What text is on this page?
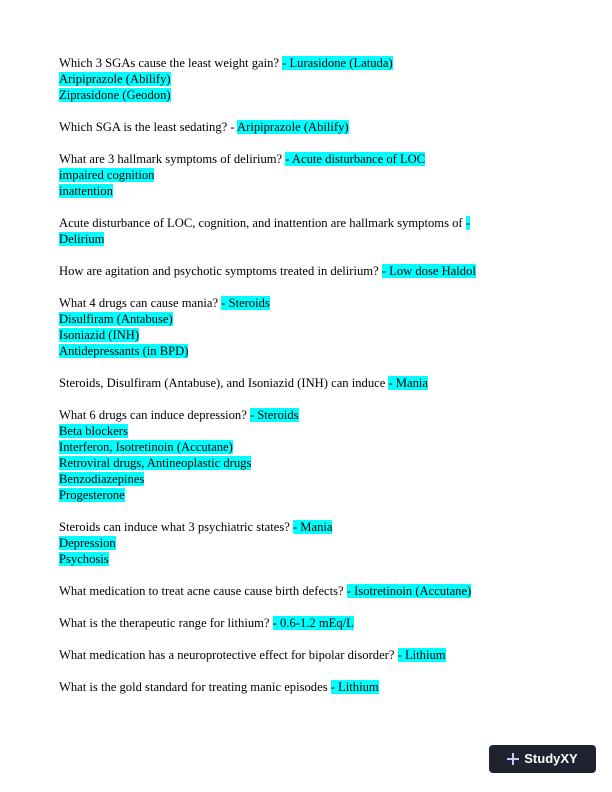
Which 3 SGAs cause the least weight gain? - Lurasidone (Latuda)
Aripiprazole (Abilify)
Ziprasidone (Geodon)
Which SGA is the least sedating? - Aripiprazole (Abilify)
What are 3 hallmark symptoms of delirium? - Acute disturbance of LOC
impaired cognition
inattention
Acute disturbance of LOC, cognition, and inattention are hallmark symptoms of -
Delirium
How are agitation and psychotic symptoms treated in delirium? - Low dose Haldol
What 4 drugs can cause mania? - Steroids
Disulfiram (Antabuse)
Isoniazid (INH)
Antidepressants (in BPD)
Steroids, Disulfiram (Antabuse), and Isoniazid (INH) can induce - Mania
What 6 drugs can induce depression? - Steroids
Beta blockers
Interferon, Isotretinoin (Accutane)
Retroviral drugs, Antineoplastic drugs
Benzodiazepines
Progesterone
Steroids can induce what 3 psychiatric states? - Mania
Depression
Psychosis
What medication to treat acne cause cause birth defects? - Isotretinoin (Accutane)
What is the therapeutic range for lithium? - 0.6-1.2 mEq/L
What medication has a neuroprotective effect for bipolar disorder? - Lithium
What is the gold standard for treating manic episodes - Lithium
StudyXY
